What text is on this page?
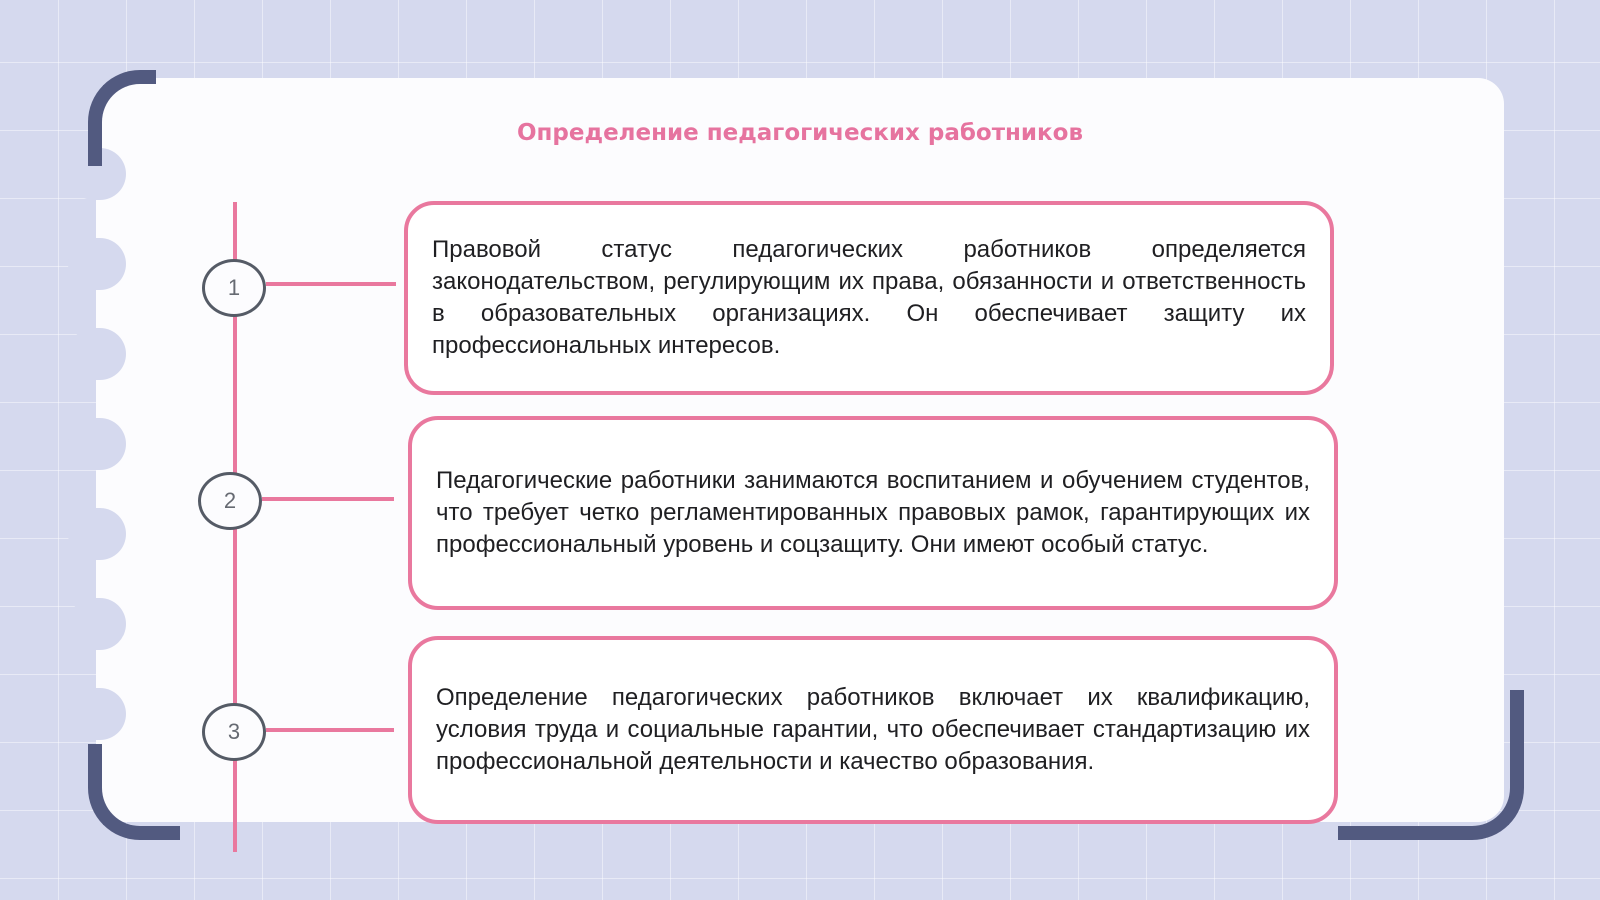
Определение педагогических работников
1
2
3

Правовой статус педагогических работников определяется законодательством, регулирующим их права, обязанности и ответственность в образовательных организациях. Он обеспечивает защиту их профессиональных интересов.

Педагогические работники занимаются воспитанием и обучением студентов, что требует четко регламентированных правовых рамок, гарантирующих их профессиональный уровень и соцзащиту. Они имеют особый статус.

Определение педагогических работников включает их квалификацию, условия труда и социальные гарантии, что обеспечивает стандартизацию их профессиональной деятельности и качество образования.
